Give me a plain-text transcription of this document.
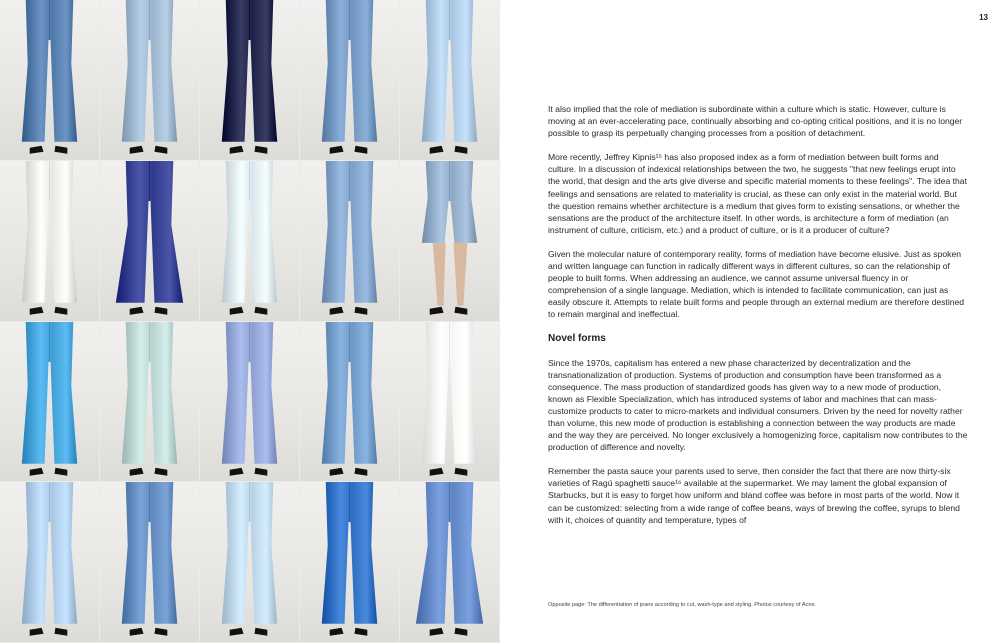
13

It also implied that the role of mediation is subordinate within a culture which is static. However, culture is moving at an ever-accelerating pace, continually absorbing and co-opting critical positions, and it is no longer possible to grasp its perpetually changing processes from a position of detachment.

More recently, Jeffrey Kipnis¹⁵ has also proposed index as a form of mediation between built forms and culture. In a discussion of indexical relationships between the two, he suggests "that new feelings erupt into the world, that design and the arts give diverse and specific material moments to these feelings". The idea that feelings and sensations are related to materiality is crucial, as these can only exist in the material world. But the question remains whether architecture is a medium that gives form to existing sensations, or whether the sensations are the product of the architecture itself. In other words, is architecture a form of mediation (an instrument of culture, criticism, etc.) and a product of culture, or is it a producer of culture?

Given the molecular nature of contemporary reality, forms of mediation have become elusive. Just as spoken and written language can function in radically different ways in different cultures, so can the relationship of people to built forms. When addressing an audience, we cannot assume universal fluency in or comprehension of a single language. Mediation, which is intended to facilitate communication, can just as easily obscure it. Attempts to relate built forms and people through an external medium are therefore destined to remain marginal and ineffectual.

Novel forms

Since the 1970s, capitalism has entered a new phase characterized by decentralization and the transnationalization of production. Systems of production and consumption have been transformed as a consequence. The mass production of standardized goods has given way to a new mode of production, known as Flexible Specialization, which has introduced systems of labor and machines that can mass-customize products to cater to micro-markets and individual consumers. Driven by the need for novelty rather than volume, this new mode of production is establishing a connection between the way products are made and the way they are perceived. No longer exclusively a homogenizing force, capitalism now contributes to the production of difference and novelty.

Remember the pasta sauce your parents used to serve, then consider the fact that there are now thirty-six varieties of Ragú spaghetti sauce¹⁶ available at the supermarket. We may lament the global expansion of Starbucks, but it is easy to forget how uniform and bland coffee was before in most parts of the world. Now it can be customized: selecting from a wide range of coffee beans, ways of brewing the coffee, syrups to blend with it, choices of quantity and temperature, types of

Opposite page: The differentiation of jeans according to cut, wash-type and styling. Photos courtesy of Acne.
